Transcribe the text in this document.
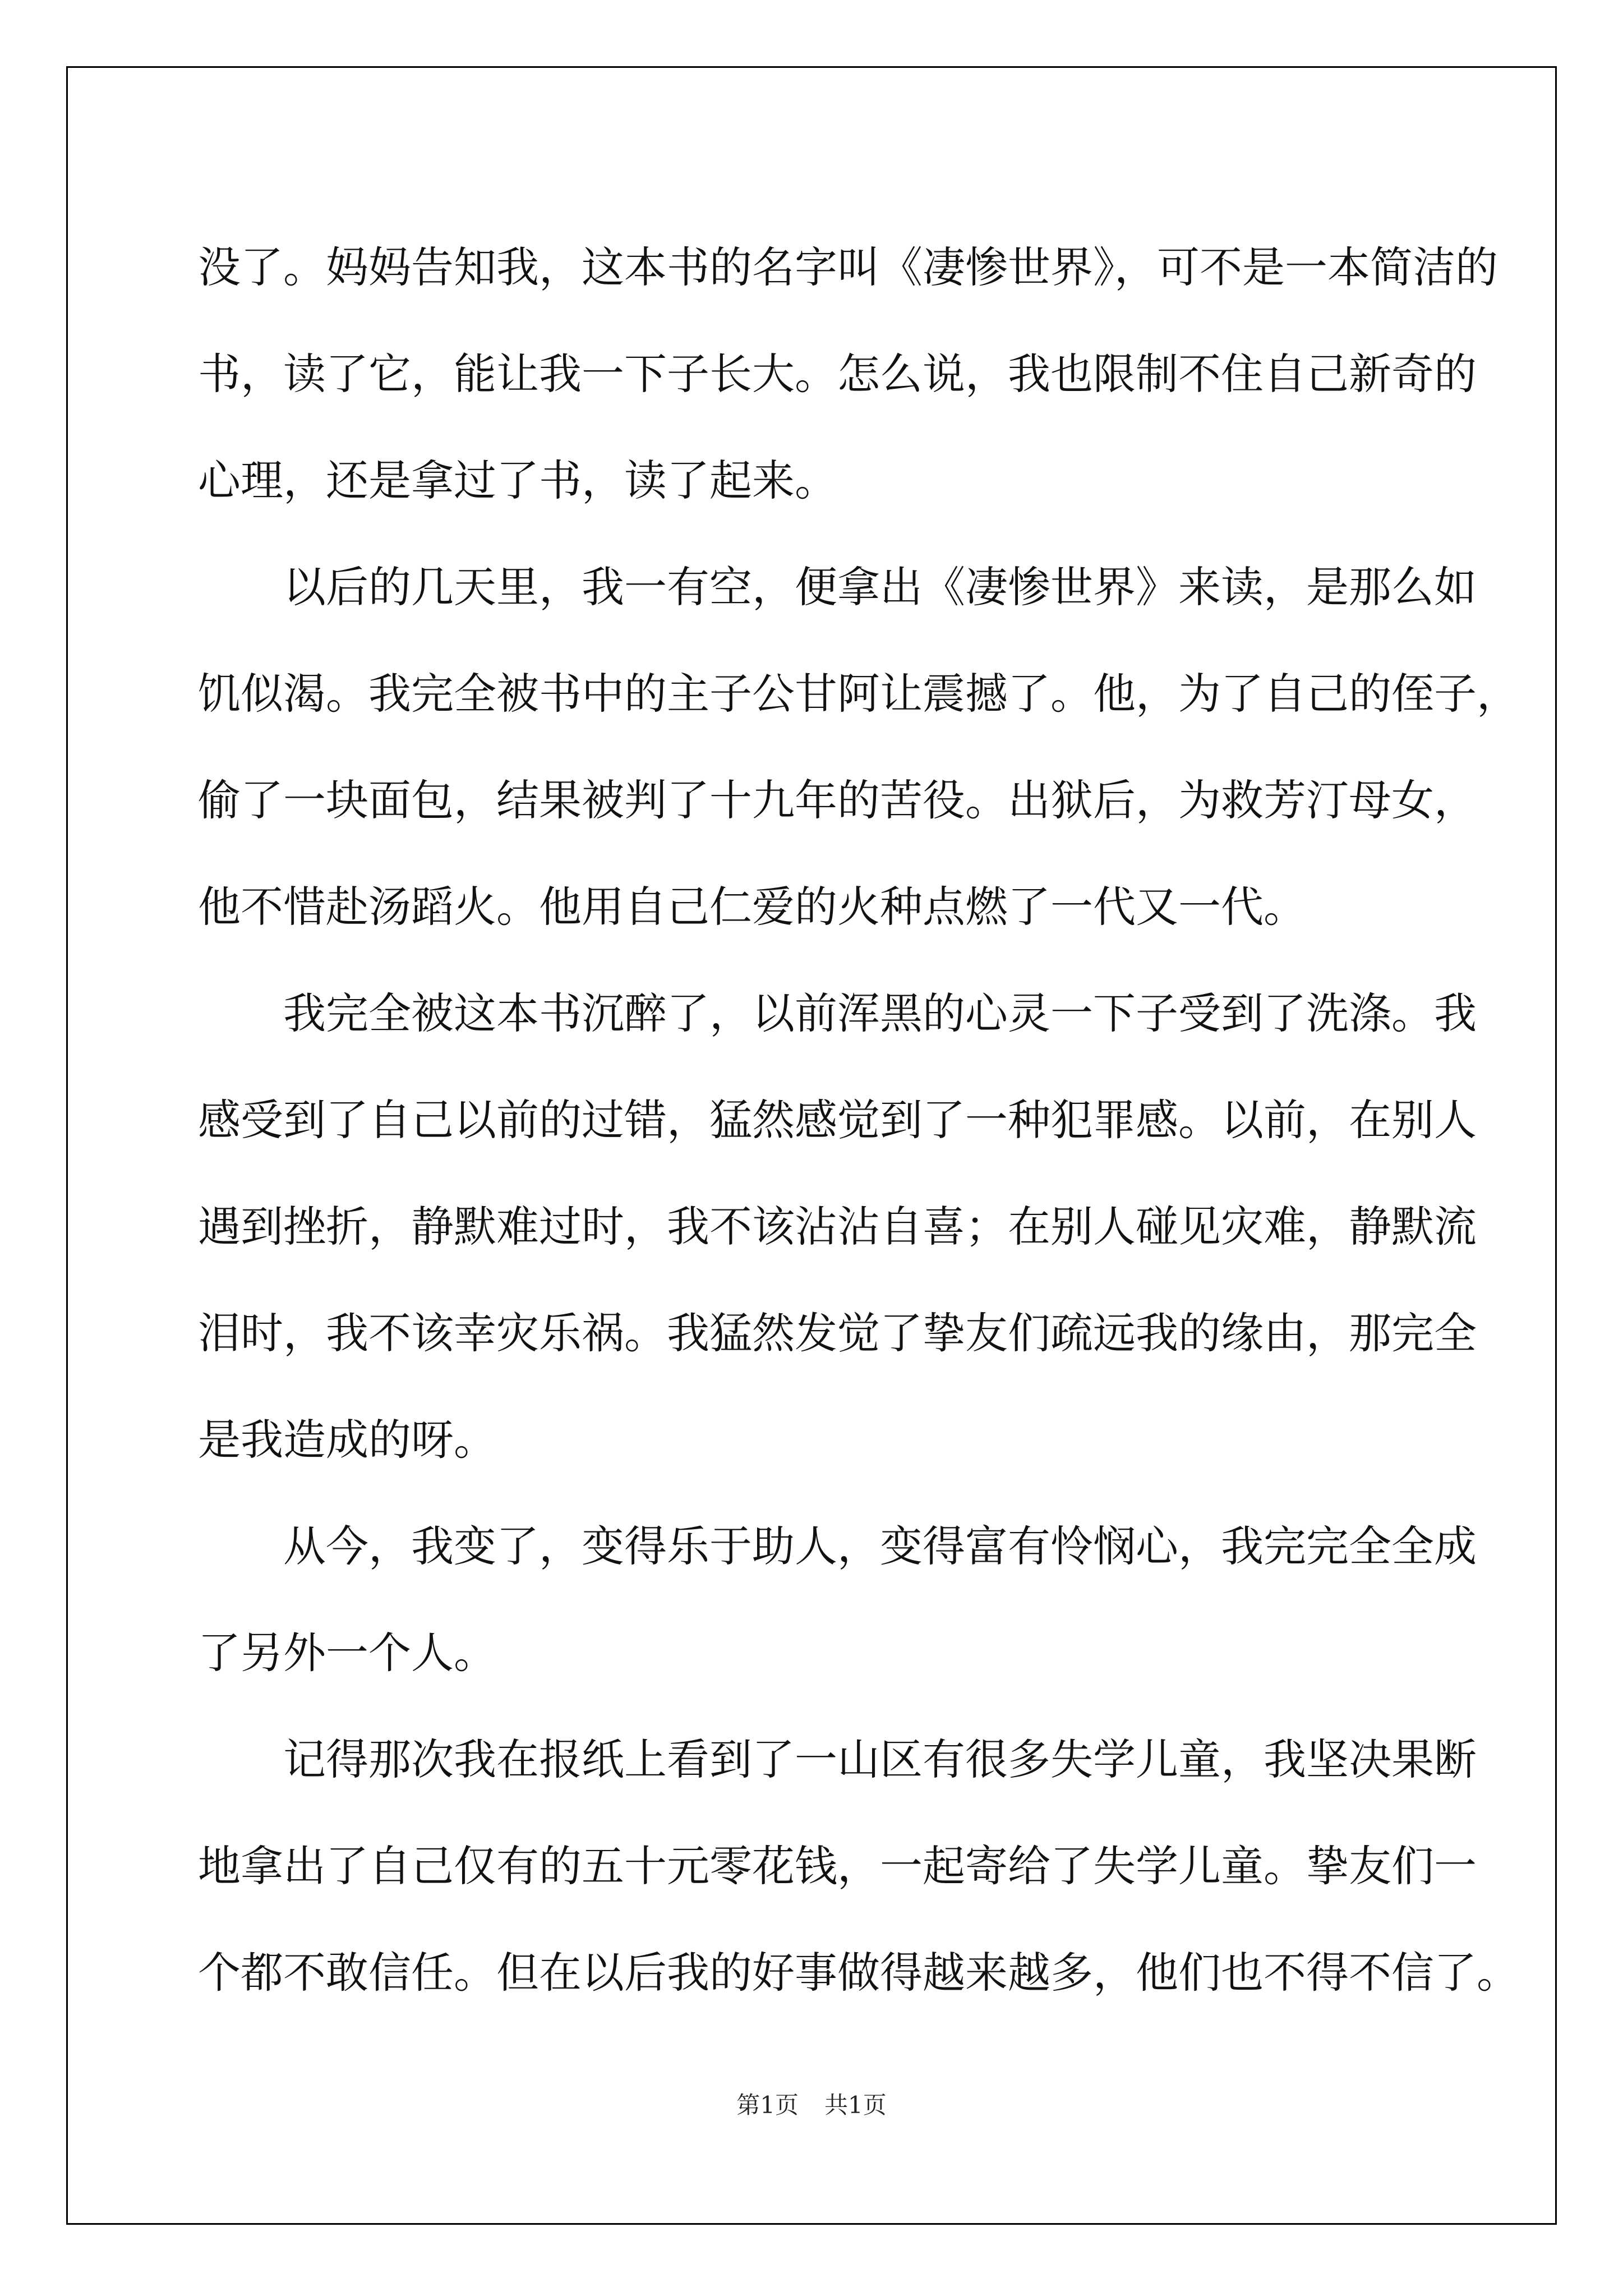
没了。妈妈告知我，这本书的名字叫《凄惨世界》，可不是一本简洁的
书，读了它，能让我一下子长大。怎么说，我也限制不住自己新奇的
心理，还是拿过了书，读了起来。
以后的几天里，我一有空，便拿出《凄惨世界》来读，是那么如
饥似渴。我完全被书中的主子公甘阿让震撼了。他，为了自己的侄子，
偷了一块面包，结果被判了十九年的苦役。出狱后，为救芳汀母女，
他不惜赴汤蹈火。他用自己仁爱的火种点燃了一代又一代。
我完全被这本书沉醉了，以前浑黑的心灵一下子受到了洗涤。我
感受到了自己以前的过错，猛然感觉到了一种犯罪感。以前，在别人
遇到挫折，静默难过时，我不该沾沾自喜；在别人碰见灾难，静默流
泪时，我不该幸灾乐祸。我猛然发觉了挚友们疏远我的缘由，那完全
是我造成的呀。
从今，我变了，变得乐于助人，变得富有怜悯心，我完完全全成
了另外一个人。
记得那次我在报纸上看到了一山区有很多失学儿童，我坚决果断
地拿出了自己仅有的五十元零花钱，一起寄给了失学儿童。挚友们一
个都不敢信任。但在以后我的好事做得越来越多，他们也不得不信了。
第1页 共1页
